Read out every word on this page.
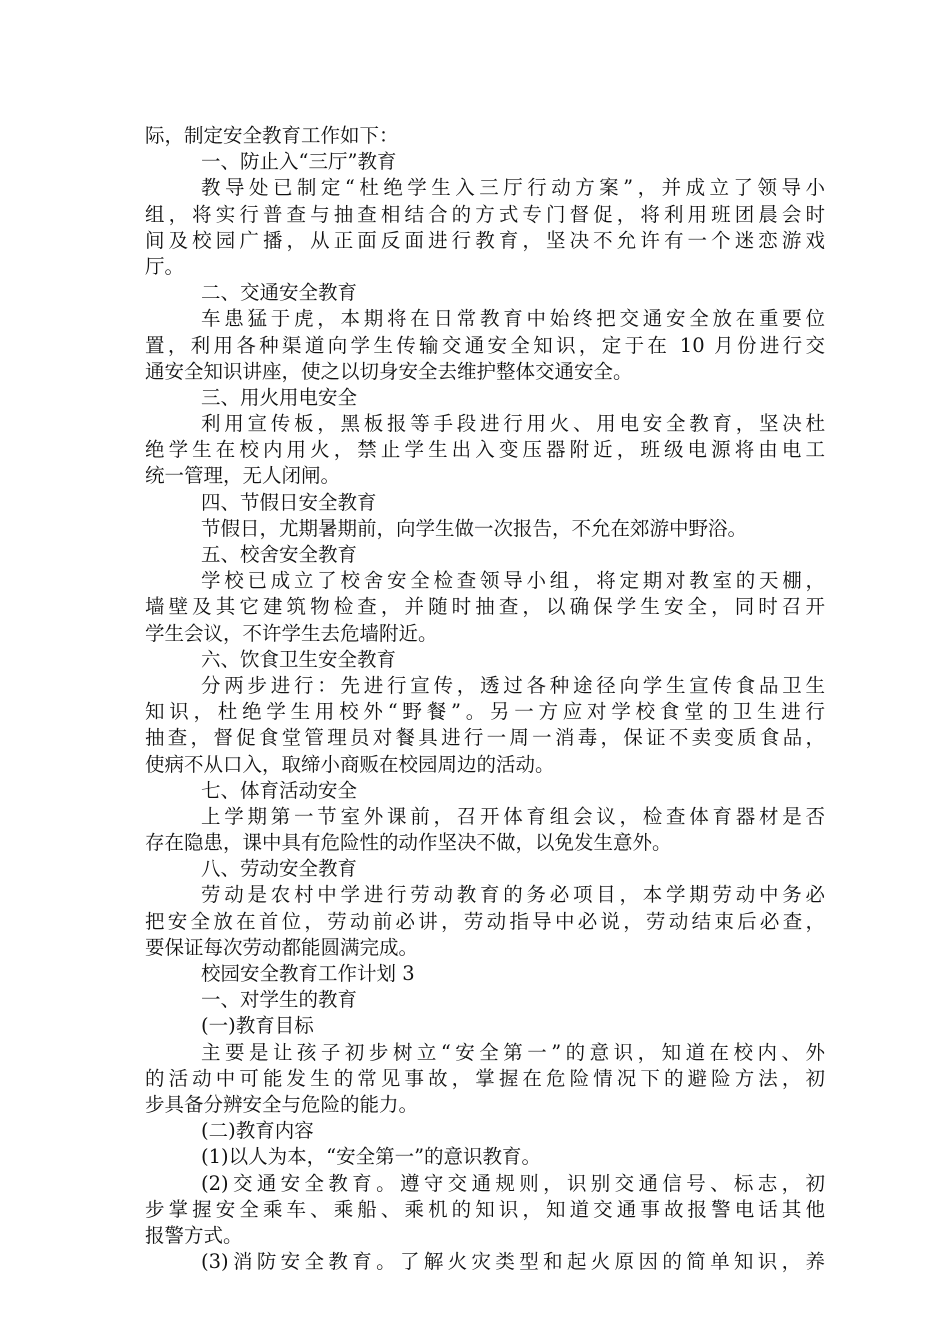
际，制定安全教育工作如下：
一、防止入“三厅”教育
教导处已制定“杜绝学生入三厅行动方案”，并成立了领导小
组，将实行普查与抽查相结合的方式专门督促，将利用班团晨会时
间及校园广播，从正面反面进行教育，坚决不允许有一个迷恋游戏
厅。
二、交通安全教育
车患猛于虎，本期将在日常教育中始终把交通安全放在重要位
置，利用各种渠道向学生传输交通安全知识，定于在 10 月份进行交
通安全知识讲座，使之以切身安全去维护整体交通安全。
三、用火用电安全
利用宣传板，黑板报等手段进行用火、用电安全教育，坚决杜
绝学生在校内用火，禁止学生出入变压器附近，班级电源将由电工
统一管理，无人闭闸。
四、节假日安全教育
节假日，尤期暑期前，向学生做一次报告，不允在郊游中野浴。
五、校舍安全教育
学校已成立了校舍安全检查领导小组，将定期对教室的天棚，
墙壁及其它建筑物检查，并随时抽查，以确保学生安全，同时召开
学生会议，不许学生去危墙附近。
六、饮食卫生安全教育
分两步进行：先进行宣传，透过各种途径向学生宣传食品卫生
知识，杜绝学生用校外“野餐”。另一方应对学校食堂的卫生进行
抽查，督促食堂管理员对餐具进行一周一消毒，保证不卖变质食品，
使病不从口入，取缔小商贩在校园周边的活动。
七、体育活动安全
上学期第一节室外课前，召开体育组会议，检查体育器材是否
存在隐患，课中具有危险性的动作坚决不做，以免发生意外。
八、劳动安全教育
劳动是农村中学进行劳动教育的务必项目，本学期劳动中务必
把安全放在首位，劳动前必讲，劳动指导中必说，劳动结束后必查，
要保证每次劳动都能圆满完成。
校园安全教育工作计划 3
一、对学生的教育
(一)教育目标
主要是让孩子初步树立“安全第一”的意识，知道在校内、外
的活动中可能发生的常见事故，掌握在危险情况下的避险方法，初
步具备分辨安全与危险的能力。
(二)教育内容
(1)以人为本，“安全第一”的意识教育。
(2)交通安全教育。遵守交通规则，识别交通信号、标志，初
步掌握安全乘车、乘船、乘机的知识，知道交通事故报警电话其他
报警方式。
(3)消防安全教育。了解火灾类型和起火原因的简单知识，养
